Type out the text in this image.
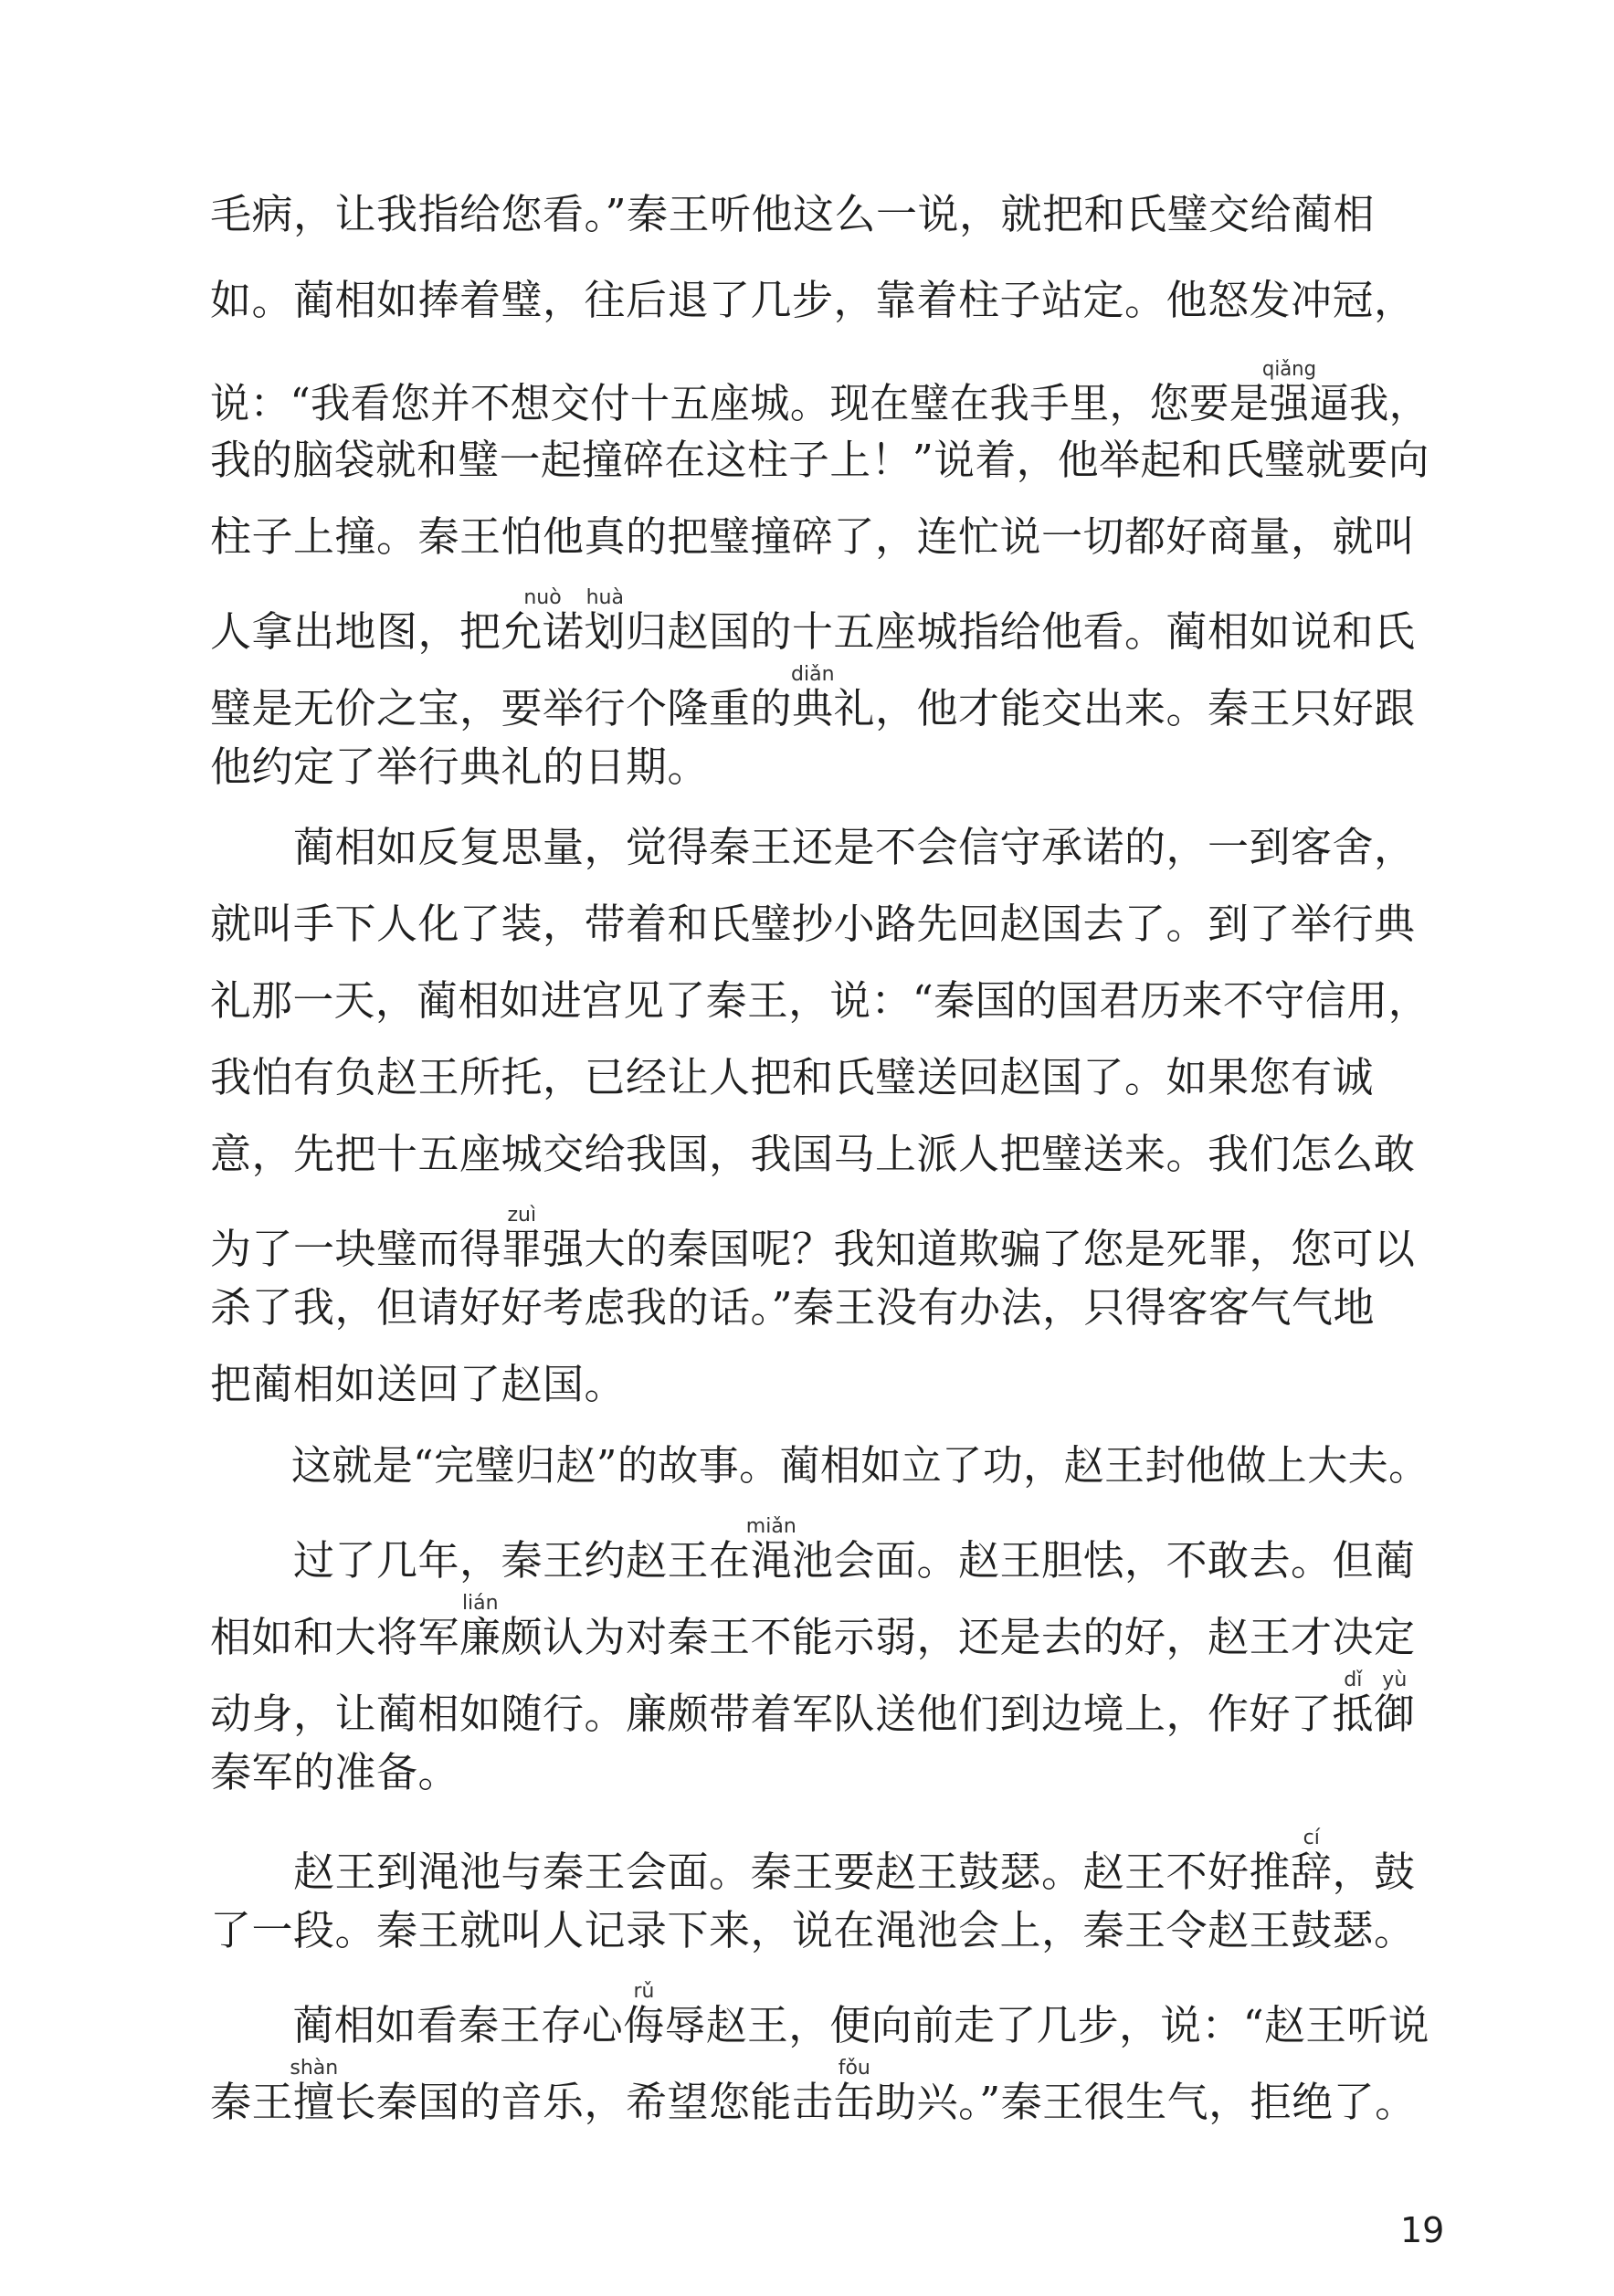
毛病，让我指给您看。”秦王听他这么一说，就把和氏璧交给蔺相
如。蔺相如捧着璧，往后退了几步，靠着柱子站定。他怒发冲冠，
说：“我看您并不想交付十五座城。现在璧在我手里，您要是强qiǎng逼我，
我的脑袋就和璧一起撞碎在这柱子上！”说着，他举起和氏璧就要向
柱子上撞。秦王怕他真的把璧撞碎了，连忙说一切都好商量，就叫
人拿出地图，把允诺nuò划huà归赵国的十五座城指给他看。蔺相如说和氏
璧是无价之宝，要举行个隆重的典diǎn礼，他才能交出来。秦王只好跟
他约定了举行典礼的日期。
　　蔺相如反复思量，觉得秦王还是不会信守承诺的，一到客舍，
就叫手下人化了装，带着和氏璧抄小路先回赵国去了。到了举行典
礼那一天，蔺相如进宫见了秦王，说：“秦国的国君历来不守信用，
我怕有负赵王所托，已经让人把和氏璧送回赵国了。如果您有诚
意，先把十五座城交给我国，我国马上派人把璧送来。我们怎么敢
为了一块璧而得罪zuì强大的秦国呢？我知道欺骗了您是死罪，您可以
杀了我，但请好好考虑我的话。”秦王没有办法，只得客客气气地
把蔺相如送回了赵国。
　　这就是“完璧归赵”的故事。蔺相如立了功，赵王封他做上大夫。
　　过了几年，秦王约赵王在渑miǎn池会面。赵王胆怯，不敢去。但蔺
相如和大将军廉lián颇认为对秦王不能示弱，还是去的好，赵王才决定
动身，让蔺相如随行。廉颇带着军队送他们到边境上，作好了抵dǐ御yù
秦军的准备。
　　赵王到渑池与秦王会面。秦王要赵王鼓瑟。赵王不好推辞cí，鼓
了一段。秦王就叫人记录下来，说在渑池会上，秦王令赵王鼓瑟。
　　蔺相如看秦王存心侮rǔ辱赵王，便向前走了几步，说：“赵王听说
秦王擅shàn长秦国的音乐，希望您能击缶fǒu助兴。”秦王很生气，拒绝了。
19
